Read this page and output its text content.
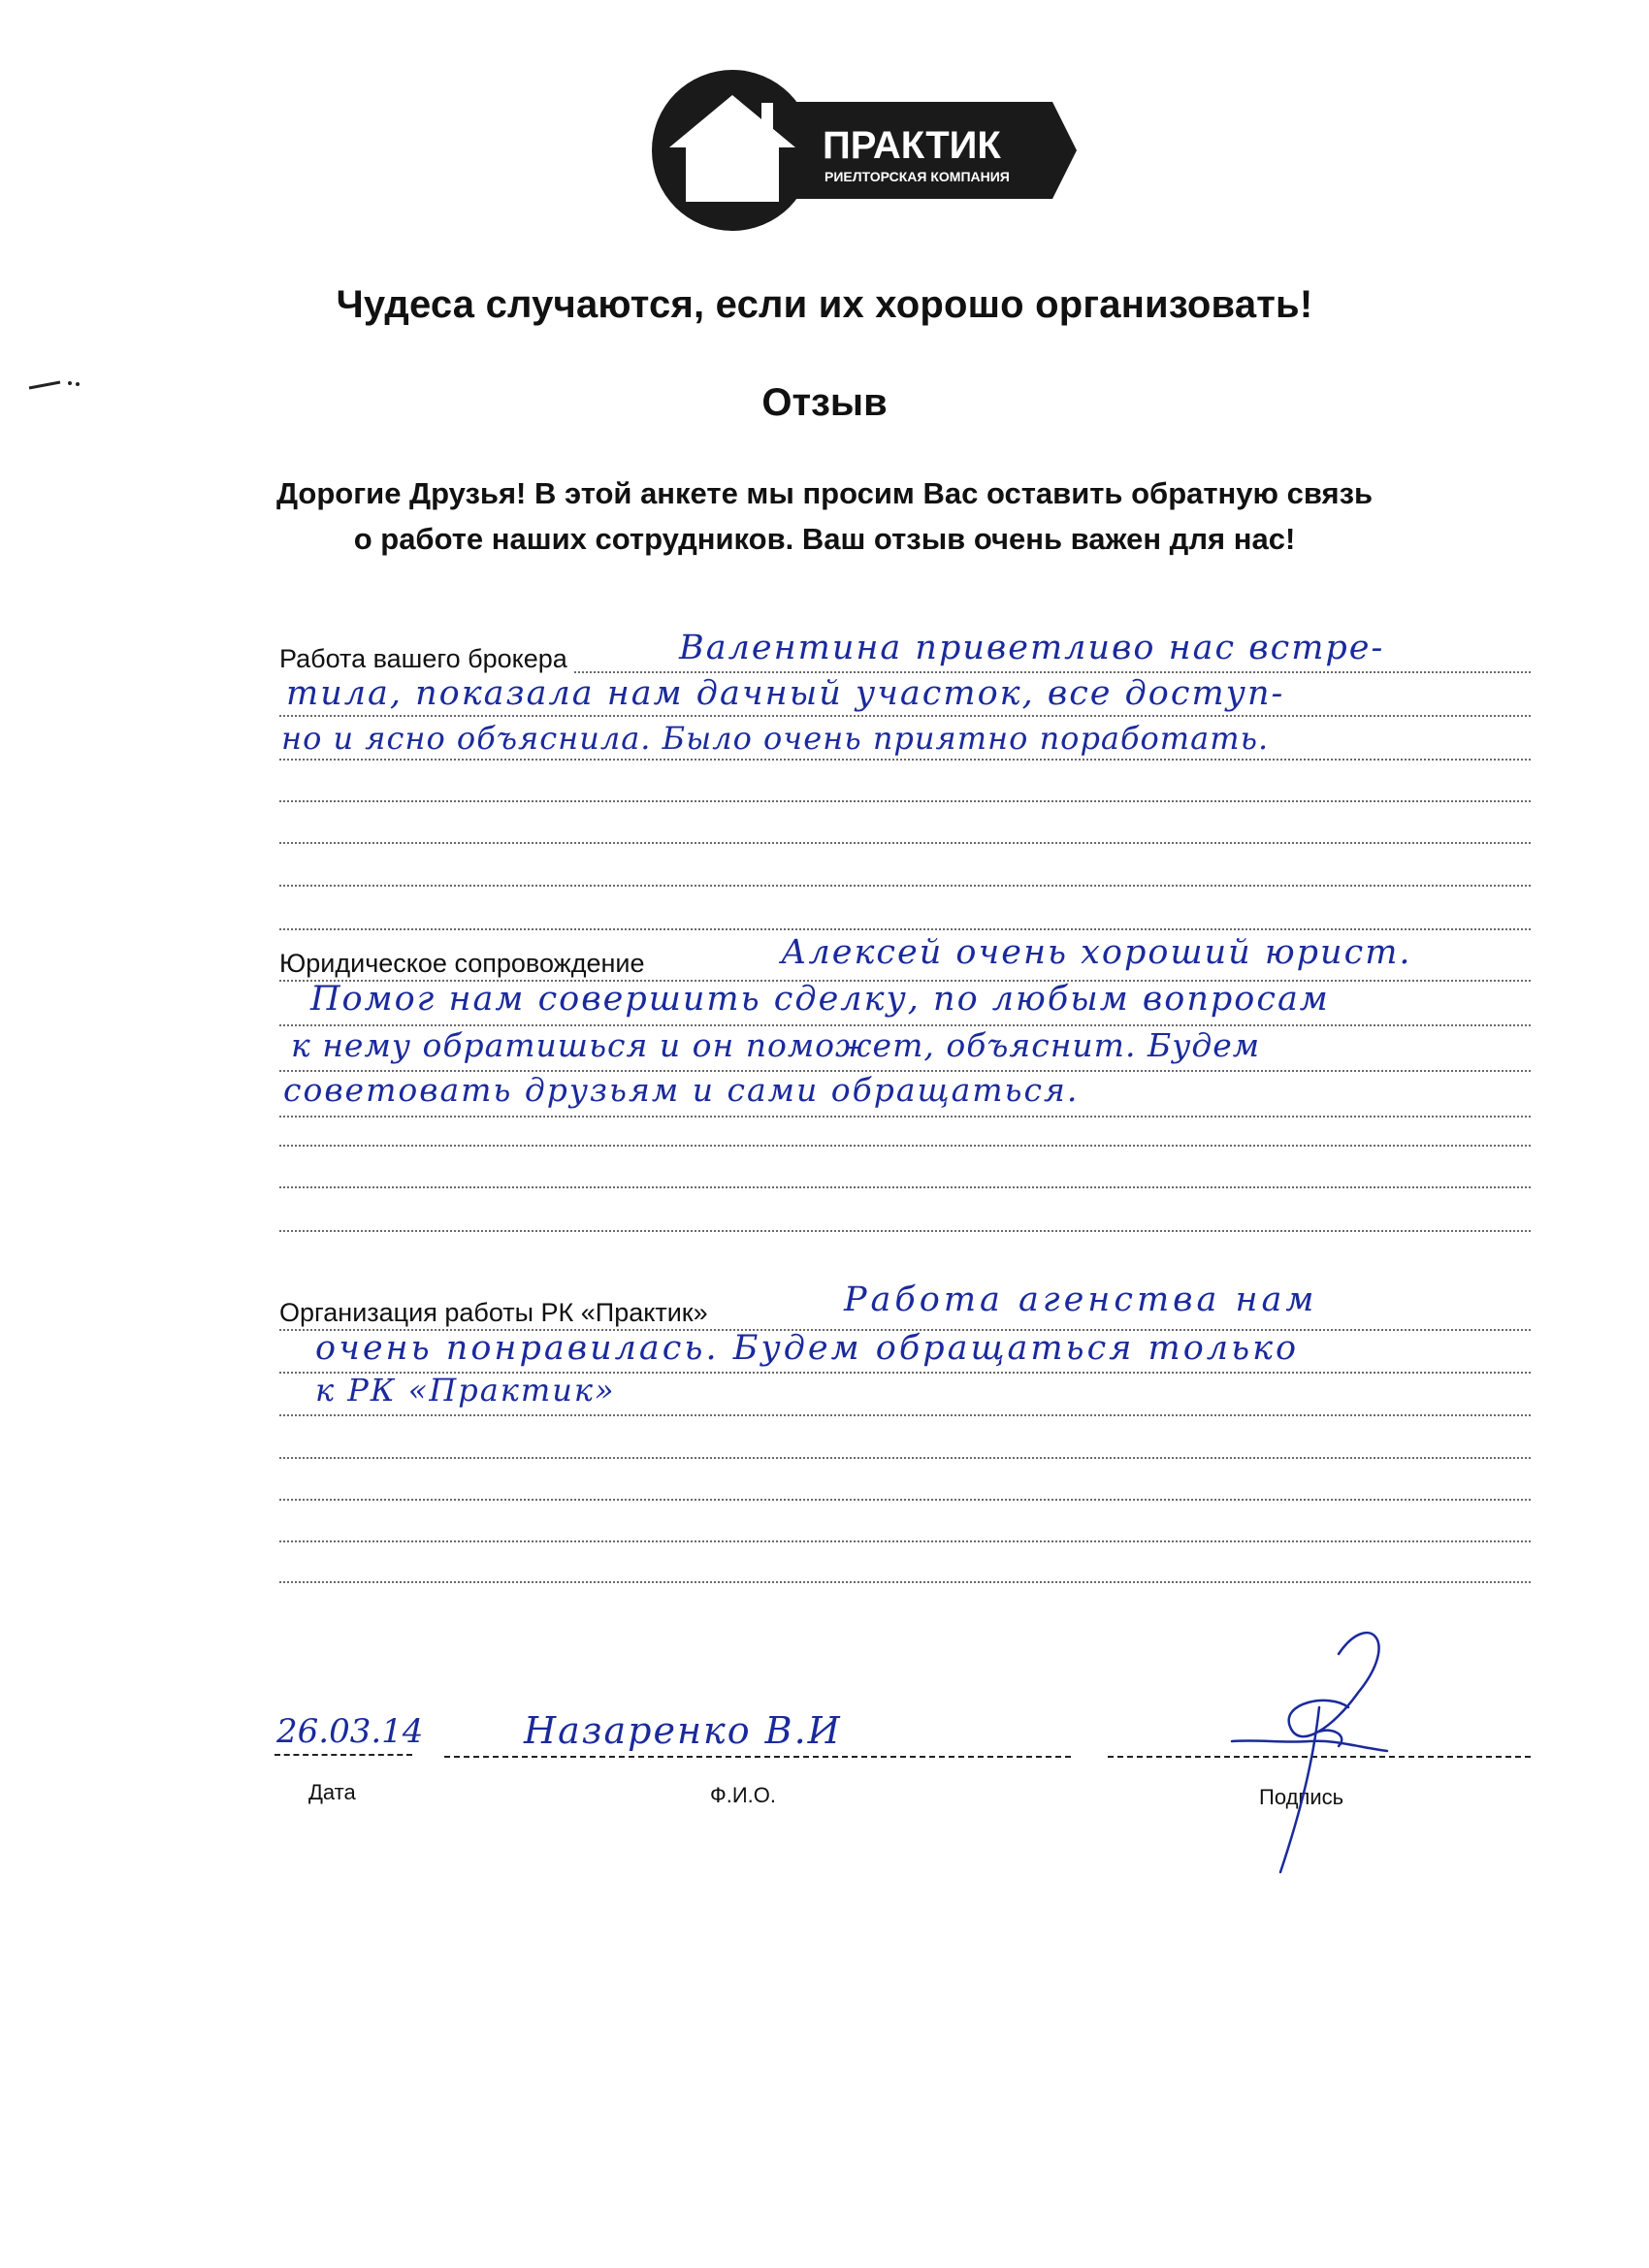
ПРАКТИК
РИЕЛТОРСКАЯ КОМПАНИЯ
Чудеса случаются, если их хорошо организовать!
Отзыв
Дорогие Друзья! В этой анкете мы просим Вас оставить обратную связь
о работе наших сотрудников. Ваш отзыв очень важен для нас!
Работа вашего брокера	Валентина приветливо нас встре-
тила, показала нам дачный участок, все доступ-
но и ясно объяснила. Было очень приятно поработать.
Юридическое сопровождение	Алексей очень хороший юрист.
Помог нам совершить сделку, по любым вопросам
к нему обратишься и он поможет, объяснит. Будем
советовать друзьям и сами обращаться.
Организация работы РК «Практик»	Работа агенства нам
очень понравилась. Будем обращаться только
к РК «Практик»
26.03.14	Назаренко В.И
Дата	Ф.И.О.	Подпись
